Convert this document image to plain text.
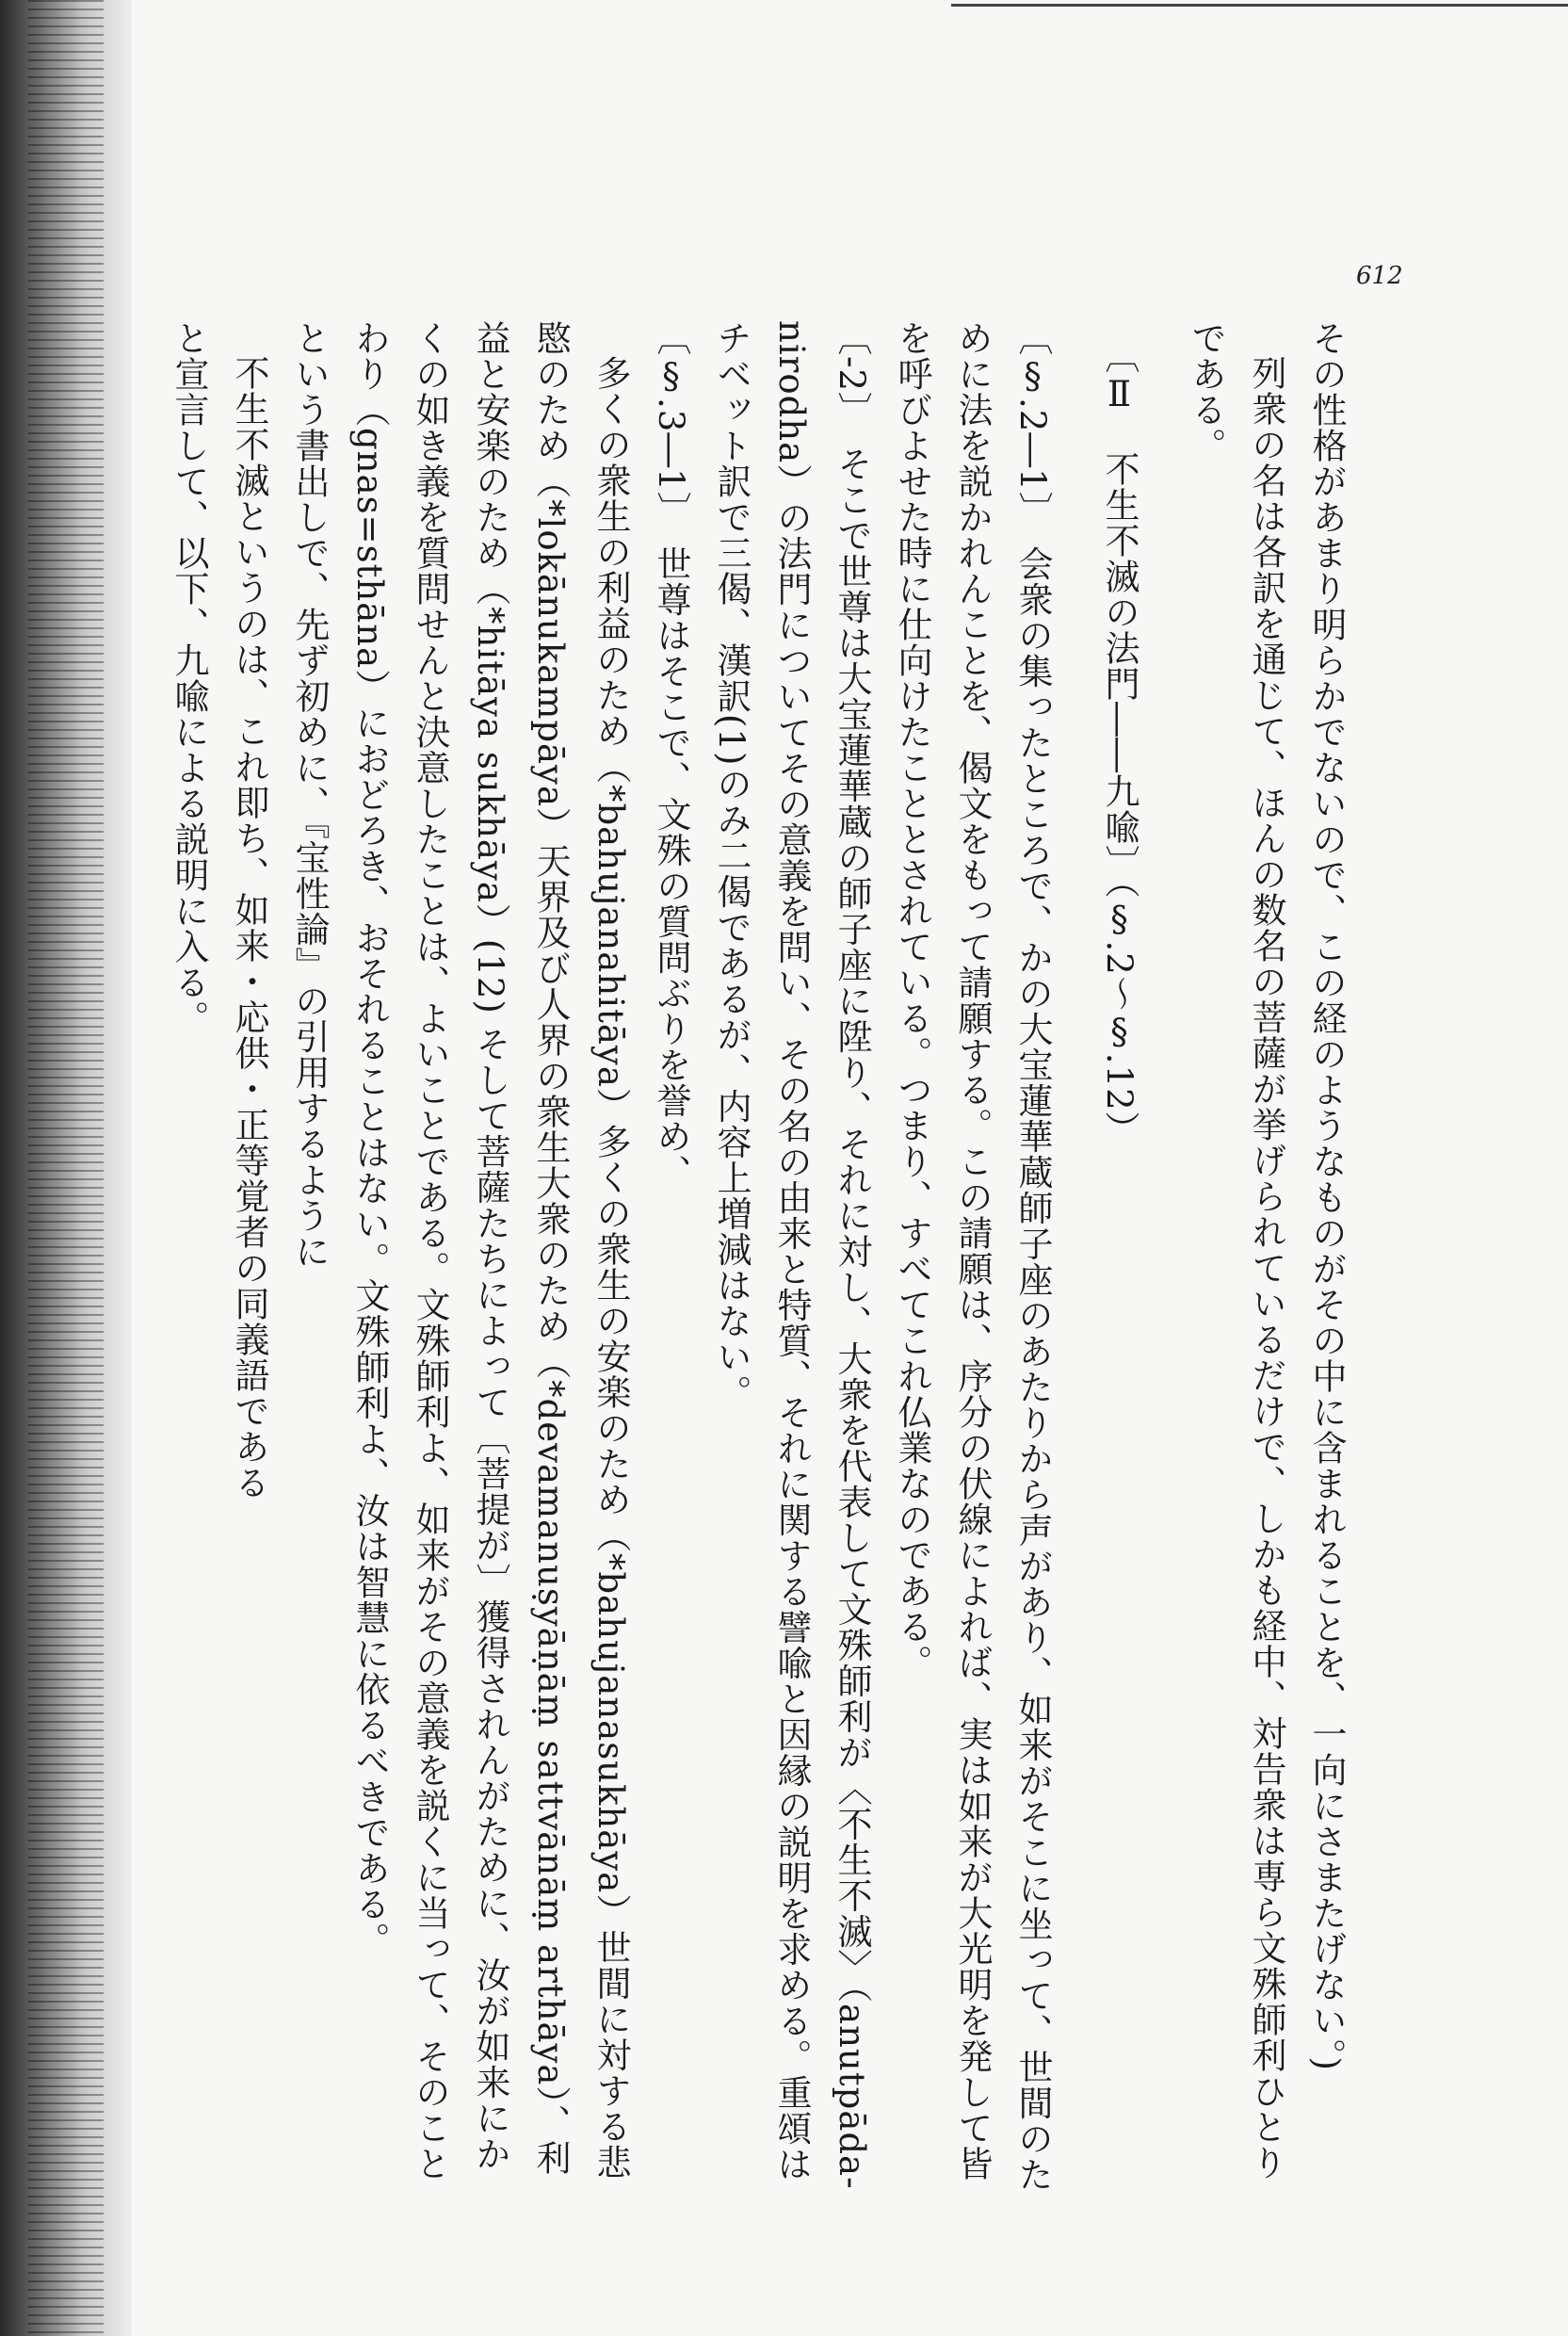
612

その性格があまり明らかでないので、この経のようなものがその中に含まれることを、一向にさまたげない。)

列衆の名は各訳を通じて、ほんの数名の菩薩が挙げられているだけで、しかも経中、対告衆は専ら文殊師利ひとり

である。

〔Ⅱ　不生不滅の法門――九喩〕（§.2〜§.12）

〔§.2―1〕　会衆の集ったところで、かの大宝蓮華蔵師子座のあたりから声があり、如来がそこに坐って、世間のために法を説かれんことを、偈文をもって請願する。この請願は、序分の伏線によれば、実は如来が大光明を発して皆を呼びよせた時に仕向けたこととされている。つまり、すべてこれ仏業なのである。

〔-2〕　そこで世尊は大宝蓮華蔵の師子座に陞り、それに対し、大衆を代表して文殊師利が〈不生不滅〉（anutpāda-nirodha）の法門についてその意義を問い、その名の由来と特質、それに関する譬喩と因縁の説明を求める。重頌はチベット訳で三偈、漢訳(1)のみ二偈であるが、内容上増減はない。

〔§.3―1〕　世尊はそこで、文殊の質問ぶりを誉め、

多くの衆生の利益のため（*bahujanahitāya）多くの衆生の安楽のため（*bahujanasukhāya）世間に対する悲愍のため（*lokānukampāya）天界及び人界の衆生大衆のため（*devamanuṣyāṇāṃ sattvānāṃ arthāya）、利益と安楽のため（*hitāya sukhāya）(12) そして菩薩たちによって〔菩提が〕獲得されんがために、汝が如来にかくの如き義を質問せんと決意したことは、よいことである。文殊師利よ、如来がその意義を説くに当って、そのことわり（gnas=sthāna）におどろき、おそれることはない。文殊師利よ、汝は智慧に依るべきである。

という書出しで、先ず初めに、『宝性論』の引用するように

不生不滅というのは、これ即ち、如来・応供・正等覚者の同義語である

と宣言して、以下、九喩による説明に入る。
